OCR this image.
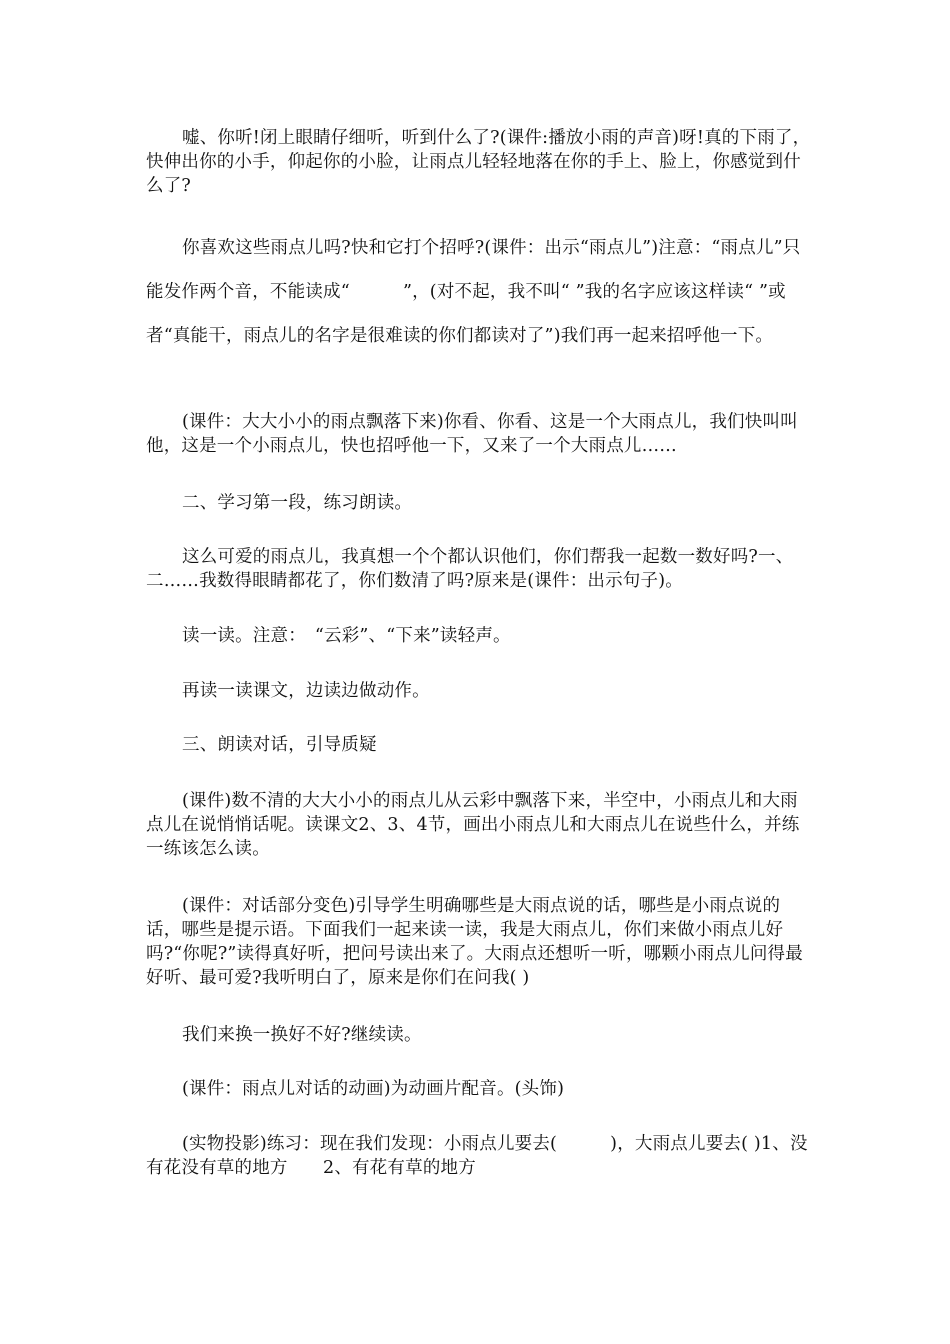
嘘、你听!闭上眼睛仔细听，听到什么了?(课件:播放小雨的声音)呀!真的下雨了，快伸出你的小手，仰起你的小脸，让雨点儿轻轻地落在你的手上、脸上，你感觉到什么了?

你喜欢这些雨点儿吗?快和它打个招呼?(课件：出示“雨点儿”)注意：“雨点儿”只能发作两个音，不能读成“　　　”，(对不起，我不叫“ ”我的名字应该这样读“ ”或者“真能干，雨点儿的名字是很难读的你们都读对了”)我们再一起来招呼他一下。

(课件：大大小小的雨点飘落下来)你看、你看、这是一个大雨点儿，我们快叫叫他，这是一个小雨点儿，快也招呼他一下，又来了一个大雨点儿……

二、学习第一段，练习朗读。

这么可爱的雨点儿，我真想一个个都认识他们，你们帮我一起数一数好吗?一、二……我数得眼睛都花了，你们数清了吗?原来是(课件：出示句子)。

读一读。注意：　“云彩”、“下来”读轻声。

再读一读课文，边读边做动作。

三、朗读对话，引导质疑

(课件)数不清的大大小小的雨点儿从云彩中飘落下来，半空中，小雨点儿和大雨点儿在说悄悄话呢。读课文2、3、4节，画出小雨点儿和大雨点儿在说些什么，并练一练该怎么读。

(课件：对话部分变色)引导学生明确哪些是大雨点说的话，哪些是小雨点说的话，哪些是提示语。下面我们一起来读一读，我是大雨点儿，你们来做小雨点儿好吗?“你呢?”读得真好听，把问号读出来了。大雨点还想听一听，哪颗小雨点儿问得最好听、最可爱?我听明白了，原来是你们在问我( )

我们来换一换好不好?继续读。

(课件：雨点儿对话的动画)为动画片配音。(头饰)

(实物投影)练习：现在我们发现：小雨点儿要去(　　　)，大雨点儿要去( )1、没有花没有草的地方　　2、有花有草的地方
